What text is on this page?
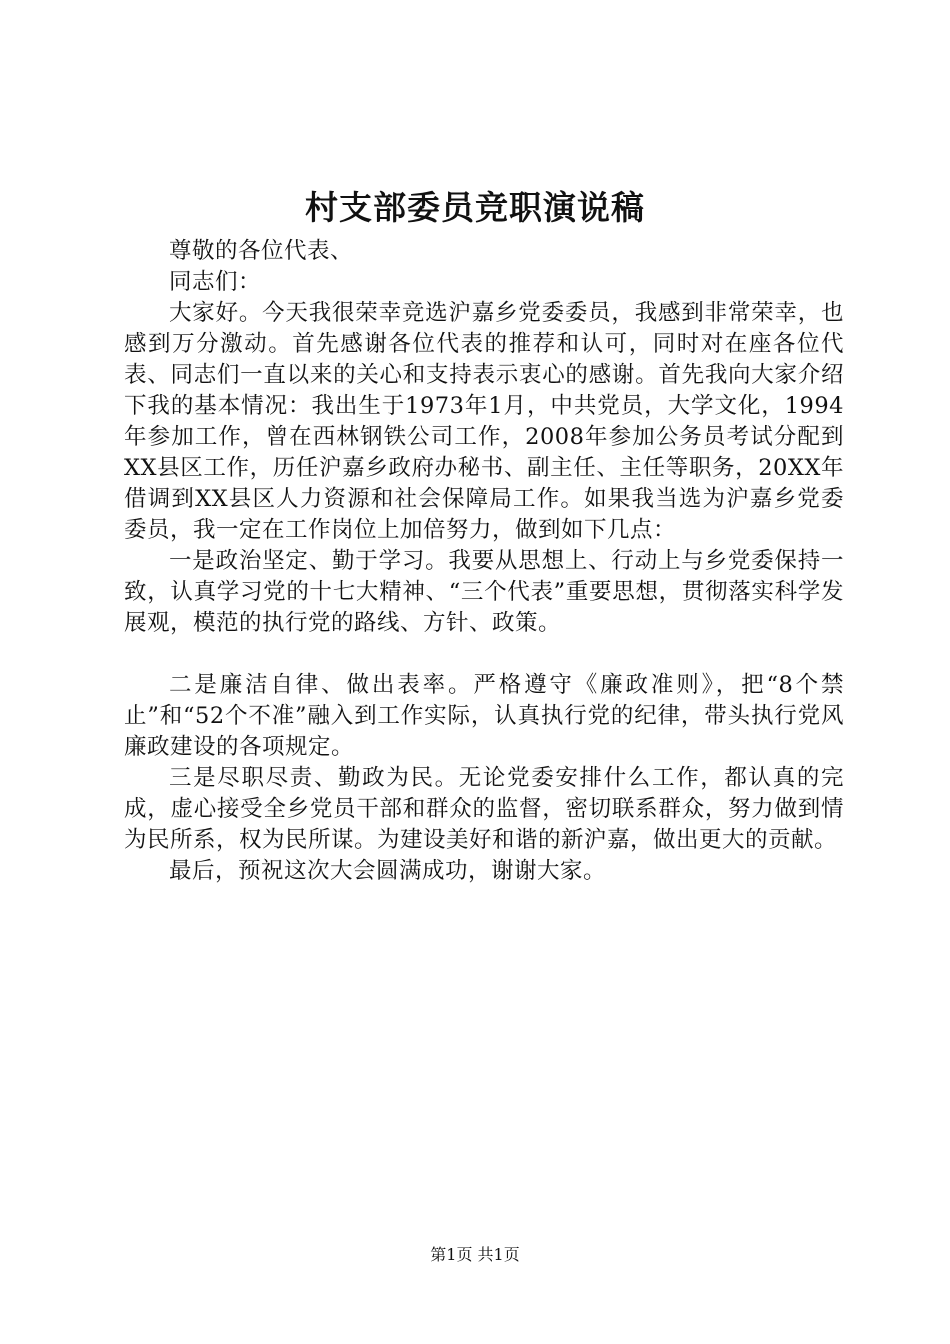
村支部委员竞职演说稿

尊敬的各位代表、

同志们：

大家好。今天我很荣幸竞选沪嘉乡党委委员，我感到非常荣幸，也感到万分激动。首先感谢各位代表的推荐和认可，同时对在座各位代表、同志们一直以来的关心和支持表示衷心的感谢。首先我向大家介绍下我的基本情况：我出生于1973年1月，中共党员，大学文化，1994年参加工作，曾在西林钢铁公司工作，2008年参加公务员考试分配到XX县区工作，历任沪嘉乡政府办秘书、副主任、主任等职务，20XX年借调到XX县区人力资源和社会保障局工作。如果我当选为沪嘉乡党委委员，我一定在工作岗位上加倍努力，做到如下几点：

一是政治坚定、勤于学习。我要从思想上、行动上与乡党委保持一致，认真学习党的十七大精神、“三个代表”重要思想，贯彻落实科学发展观，模范的执行党的路线、方针、政策。

二是廉洁自律、做出表率。严格遵守《廉政准则》，把“8个禁止”和“52个不准”融入到工作实际，认真执行党的纪律，带头执行党风廉政建设的各项规定。

三是尽职尽责、勤政为民。无论党委安排什么工作，都认真的完成，虚心接受全乡党员干部和群众的监督，密切联系群众，努力做到情为民所系，权为民所谋。为建设美好和谐的新沪嘉，做出更大的贡献。

最后，预祝这次大会圆满成功，谢谢大家。

第1页 共1页
